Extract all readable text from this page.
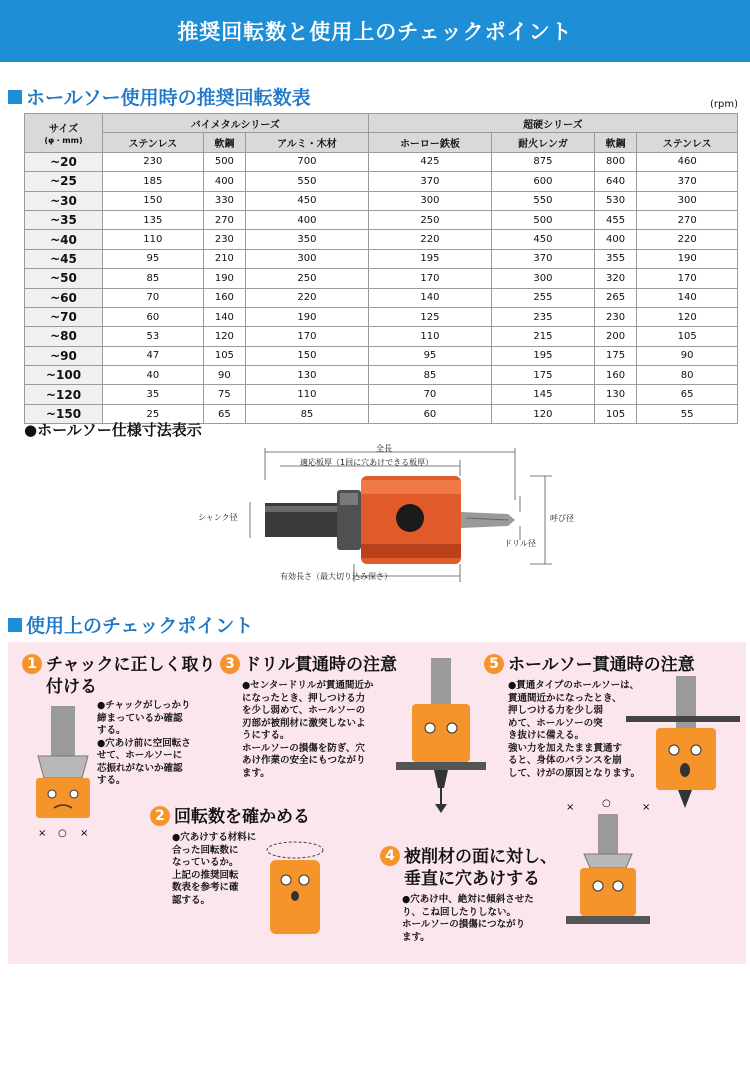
推奨回転数と使用上のチェックポイント
ホールソー使用時の推奨回転数表	(rpm)
サイズ
(φ・mm)	バイメタルシリーズ			超硬シリーズ			
	ステンレス	軟鋼	アルミ・木材	ホーロー鉄板	耐火レンガ	軟鋼	ステンレス
~20	230	500	700	425	875	800	460
~25	185	400	550	370	600	640	370
~30	150	330	450	300	550	530	300
~35	135	270	400	250	500	455	270
~40	110	230	350	220	450	400	220
~45	95	210	300	195	370	355	190
~50	85	190	250	170	300	320	170
~60	70	160	220	140	255	265	140
~70	60	140	190	125	235	230	120
~80	53	120	170	110	215	200	105
~90	47	105	150	95	195	175	90
~100	40	90	130	85	175	160	80
~120	35	75	110	70	145	130	65
~150	25	65	85	60	120	105	55
●ホールソー仕様寸法表示
全長
適応板厚（1回に穴あけできる板厚）
シャンク径
ドリル径
呼び径
有効長さ（最大切り込み深さ）
使用上のチェックポイント
1 チャックに正しく取り
付ける
× ○ ×

●チャックがしっかり

締まっているか確認

する。

●穴あけ前に空回転さ

せて、ホールソーに

芯振れがないか確認

する。

2 回転数を確かめる

●穴あけする材料に

合った回転数に

なっているか。

上記の推奨回転

数表を参考に確

認する。

3 ドリル貫通時の注意

●センタードリルが貫通間近か

になったとき、押しつける力

を少し弱めて、ホールソーの

刃部が被削材に激突しないよ

うにする。

ホールソーの損傷を防ぎ、穴

あけ作業の安全にもつながり

ます。

4 被削材の面に対し、
垂直に穴あけする

●穴あけ中、絶対に傾斜させた

り、こね回したりしない。

ホールソーの損傷につながり

ます。

×	○	×
5 ホールソー貫通時の注意

●貫通タイプのホールソーは、

貫通間近かになったとき、

押しつける力を少し弱

めて、ホールソーの突

き抜けに備える。

強い力を加えたまま貫通す

ると、身体のバランスを崩

して、けがの原因となります。
